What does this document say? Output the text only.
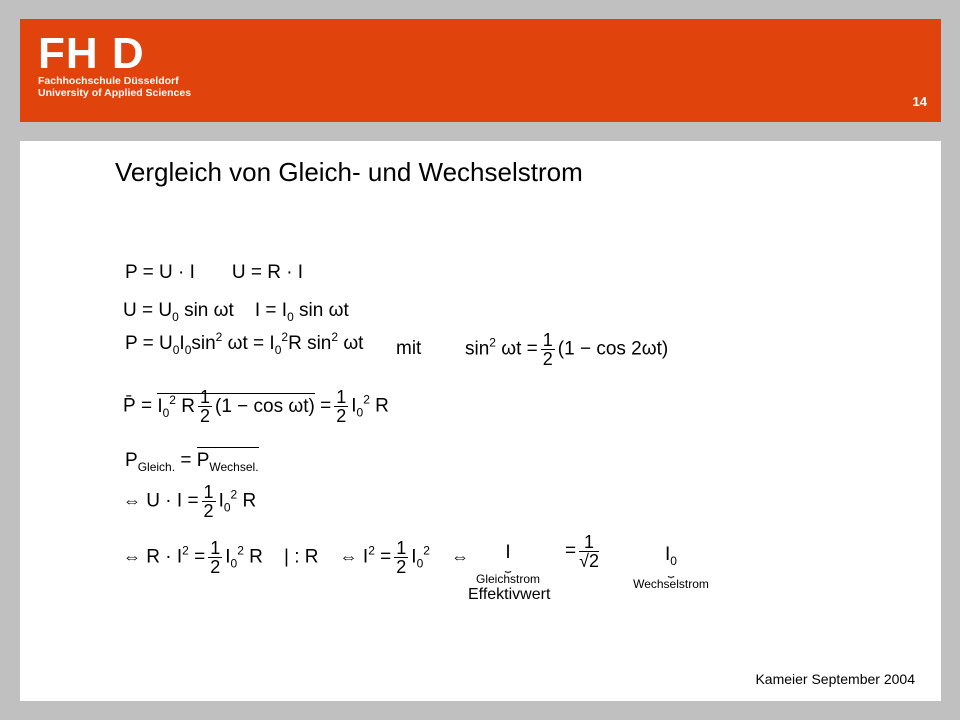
FH D
Fachhochschule Düsseldorf
University of Applied Sciences
14
Vergleich von Gleich- und Wechselstrom
P = U · I       U = R · I
$U = U_0$ sin ωt    $I = I_0$ sin ωt
$P = U_0I_0\sin^2$ $\omega t = I_0^2R$ $\sin^2 \omega t$ mit $\sin^2 \omega t = \frac{1}{2} (1 - \cos 2\omega t)$
P̄ = $I_0^2$ R $\frac{1}{2} (1 - \cos \omega t) = \frac{1}{2} I_0^2$ R
$P_{Gleich.} = P_{Wechsel.}$
⇔ $U \cdot I = \frac{1}{2} I_0^2$ R
⇔ $R \cdot I^2 = \frac{1}{2} I_0^2$ R    | : R    ⇔ $I^2 = \frac{1}{2} I_0^2$ ⇔	I
⏟
Gleichstrom
Effektivwert
= $\frac{1}{√2}$	$I_0$
⏟
Wechselstrom
Kameier September 2004
